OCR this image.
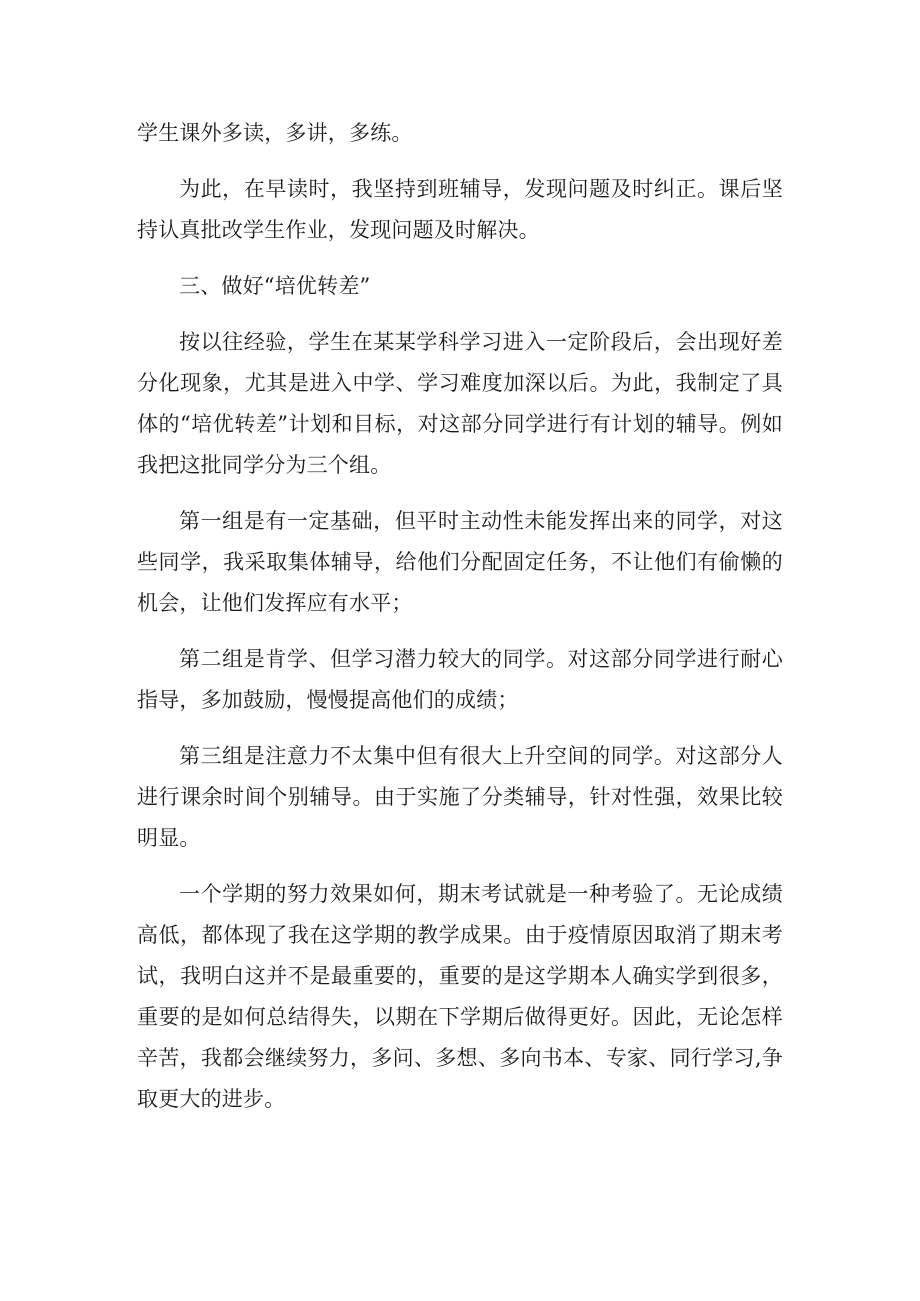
学生课外多读，多讲，多练。

为此，在早读时，我坚持到班辅导，发现问题及时纠正。课后坚持认真批改学生作业，发现问题及时解决。

三、做好“培优转差”

按以往经验，学生在某某学科学习进入一定阶段后，会出现好差分化现象，尤其是进入中学、学习难度加深以后。为此，我制定了具体的“培优转差”计划和目标，对这部分同学进行有计划的辅导。例如我把这批同学分为三个组。

第一组是有一定基础，但平时主动性未能发挥出来的同学，对这些同学，我采取集体辅导，给他们分配固定任务，不让他们有偷懒的机会，让他们发挥应有水平；

第二组是肯学、但学习潜力较大的同学。对这部分同学进行耐心指导，多加鼓励，慢慢提高他们的成绩；

第三组是注意力不太集中但有很大上升空间的同学。对这部分人进行课余时间个别辅导。由于实施了分类辅导，针对性强，效果比较明显。

一个学期的努力效果如何，期末考试就是一种考验了。无论成绩高低，都体现了我在这学期的教学成果。由于疫情原因取消了期末考试，我明白这并不是最重要的，重要的是这学期本人确实学到很多，重要的是如何总结得失，以期在下学期后做得更好。因此，无论怎样辛苦，我都会继续努力，多问、多想、多向书本、专家、同行学习,争取更大的进步。
